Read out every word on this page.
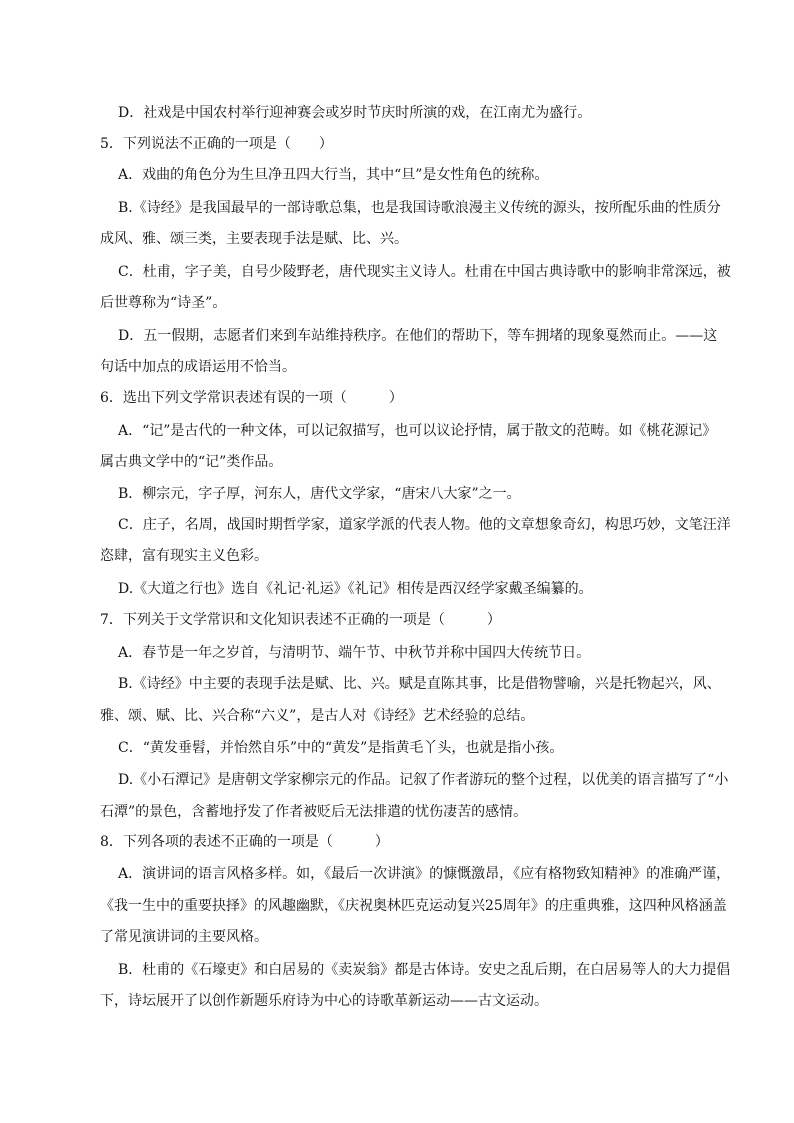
D．社戏是中国农村举行迎神赛会或岁时节庆时所演的戏，在江南尤为盛行。
5．下列说法不正确的一项是（　　）
A．戏曲的角色分为生旦净丑四大行当，其中“旦”是女性角色的统称。
B.《诗经》是我国最早的一部诗歌总集，也是我国诗歌浪漫主义传统的源头，按所配乐曲的性质分
成风、雅、颂三类，主要表现手法是赋、比、兴。
C．杜甫，字子美，自号少陵野老，唐代现实主义诗人。杜甫在中国古典诗歌中的影响非常深远，被
后世尊称为“诗圣”。
D．五一假期，志愿者们来到车站维持秩序。在他们的帮助下，等车拥堵的现象戛然而止。——这
句话中加点的成语运用不恰当。
6．选出下列文学常识表述有误的一项（　　　）
A．“记”是古代的一种文体，可以记叙描写，也可以议论抒情，属于散文的范畴。如《桃花源记》
属古典文学中的“记”类作品。
B．柳宗元，字子厚，河东人，唐代文学家，“唐宋八大家”之一。
C．庄子，名周，战国时期哲学家，道家学派的代表人物。他的文章想象奇幻，构思巧妙，文笔汪洋
恣肆，富有现实主义色彩。
D.《大道之行也》选自《礼记·礼运》《礼记》相传是西汉经学家戴圣编纂的。
7．下列关于文学常识和文化知识表述不正确的一项是（　　　）
A．春节是一年之岁首，与清明节、端午节、中秋节并称中国四大传统节日。
B.《诗经》中主要的表现手法是赋、比、兴。赋是直陈其事，比是借物譬喻，兴是托物起兴，风、
雅、颂、赋、比、兴合称“六义”，是古人对《诗经》艺术经验的总结。
C．“黄发垂髫，并怡然自乐”中的“黄发”是指黄毛丫头，也就是指小孩。
D.《小石潭记》是唐朝文学家柳宗元的作品。记叙了作者游玩的整个过程，以优美的语言描写了“小
石潭”的景色，含蓄地抒发了作者被贬后无法排遣的忧伤凄苦的感情。
8．下列各项的表述不正确的一项是（　　　）
A．演讲词的语言风格多样。如，《最后一次讲演》的慷慨激昂，《应有格物致知精神》的准确严谨，
《我一生中的重要抉择》的风趣幽默，《庆祝奥林匹克运动复兴25周年》的庄重典雅，这四种风格涵盖
了常见演讲词的主要风格。
B．杜甫的《石壕吏》和白居易的《卖炭翁》都是古体诗。安史之乱后期，在白居易等人的大力提倡
下，诗坛展开了以创作新题乐府诗为中心的诗歌革新运动——古文运动。
